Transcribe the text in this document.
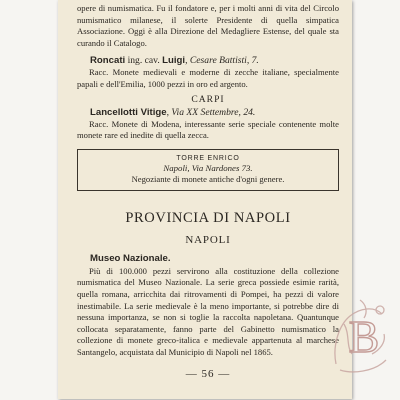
opere di numismatica. Fu il fondatore e, per i molti anni di vita del Circolo numismatico milanese, il solerte Presidente di quella simpatica Associazione. Oggi è alla Direzione del Medagliere Estense, del quale sta curando il Catalogo.

Roncati ing. cav. Luigi, Cesare Battisti, 7.

Racc. Monete medievali e moderne di zecche italiane, specialmente papali e dell'Emilia, 1000 pezzi in oro ed argento.

CARPI
Lancellotti Vitige, Via XX Settembre, 24.

Racc. Monete di Modena, interessante serie speciale contenente molte monete rare ed inedite di quella zecca.

TORRE ENRICO
Napoli, Via Nardones 73.
Negoziante di monete antiche d'ogni genere.
PROVINCIA DI NAPOLI
NAPOLI
Museo Nazionale.

Più di 100.000 pezzi servirono alla costituzione della collezione numismatica del Museo Nazionale. La serie greca possiede esimie rarità, quella romana, arricchita dai ritrovamenti di Pompei, ha pezzi di valore inestimabile. La serie medievale è la meno importante, si potrebbe dire di nessuna importanza, se non si toglie la raccolta napoletana. Quantunque collocata separatamente, fanno parte del Gabinetto numismatico la collezione di monete greco-italica e medievale appartenuta al marchese Santangelo, acquistata dal Municipio di Napoli nel 1865.

— 56 —
B
